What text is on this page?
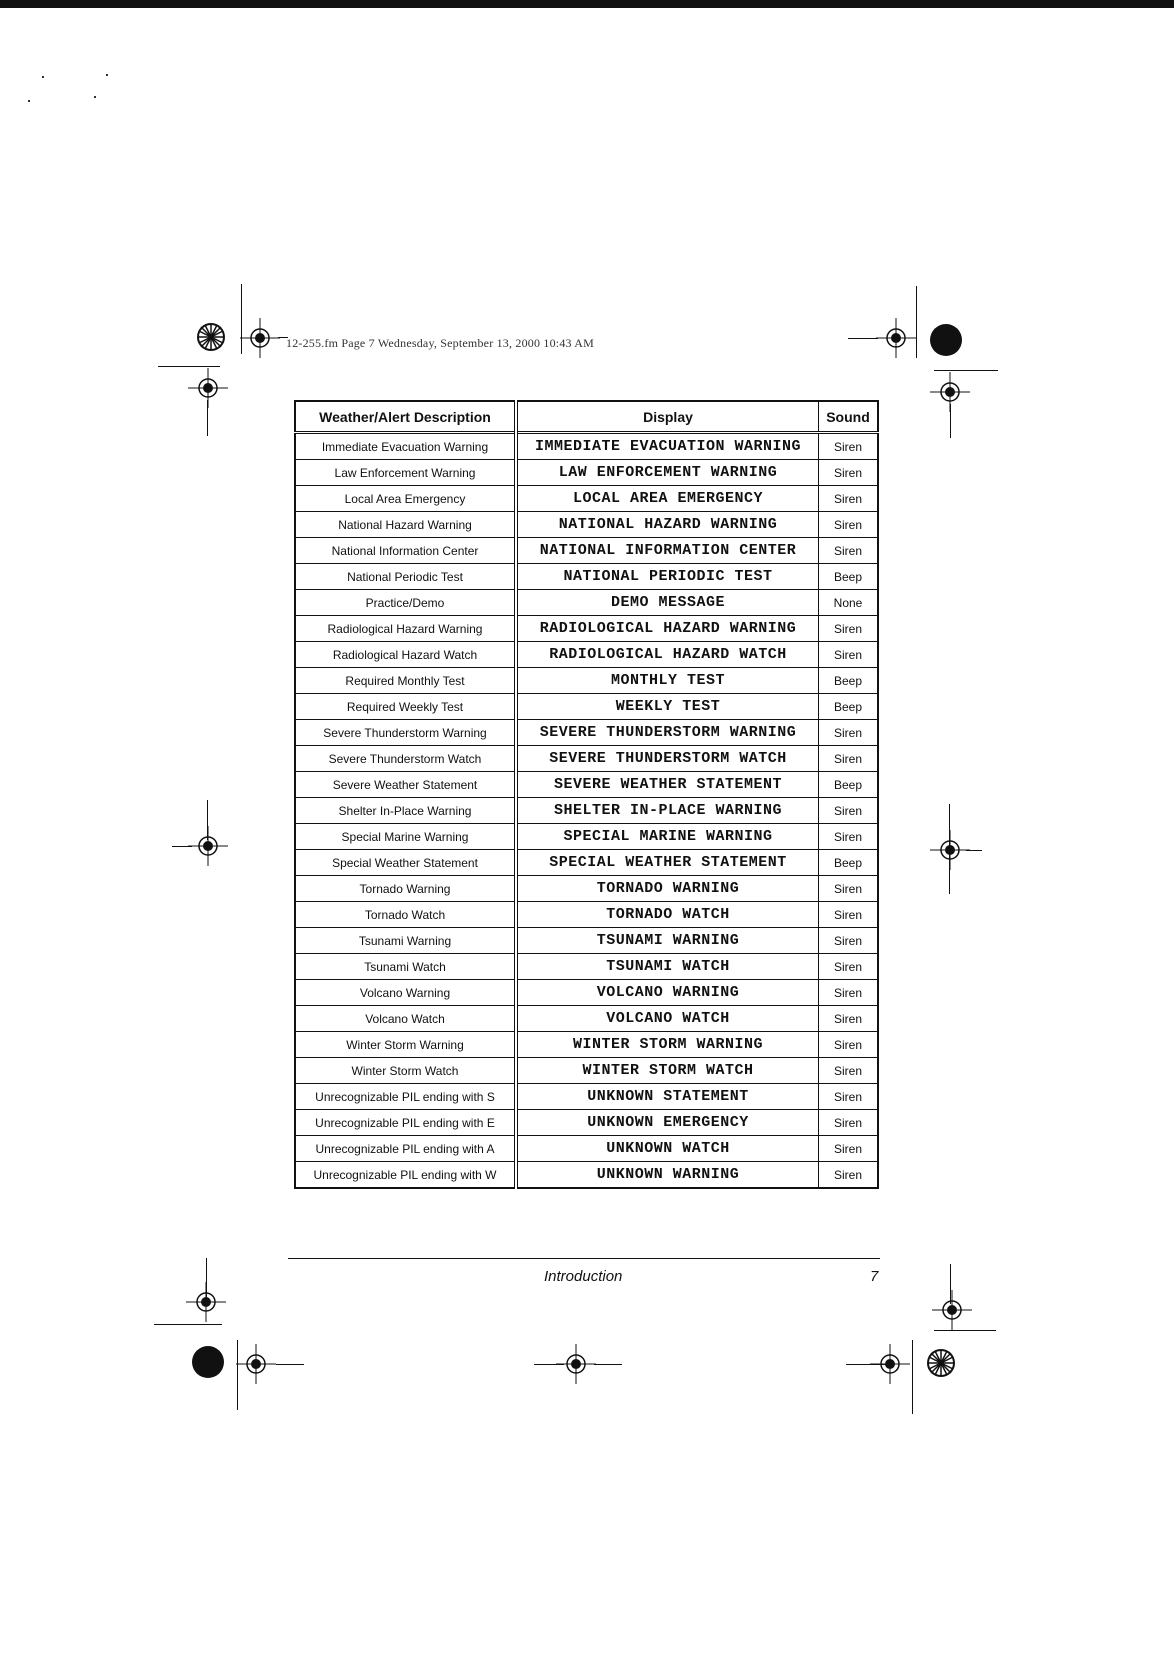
12-255.fm Page 7 Wednesday, September 13, 2000 10:43 AM
Weather/Alert Description	Display	Sound
Immediate Evacuation Warning	IMMEDIATE EVACUATION WARNING	Siren
Law Enforcement Warning	LAW ENFORCEMENT WARNING	Siren
Local Area Emergency	LOCAL AREA EMERGENCY	Siren
National Hazard Warning	NATIONAL HAZARD WARNING	Siren
National Information Center	NATIONAL INFORMATION CENTER	Siren
National Periodic Test	NATIONAL PERIODIC TEST	Beep
Practice/Demo	DEMO MESSAGE	None
Radiological Hazard Warning	RADIOLOGICAL HAZARD WARNING	Siren
Radiological Hazard Watch	RADIOLOGICAL HAZARD WATCH	Siren
Required Monthly Test	MONTHLY TEST	Beep
Required Weekly Test	WEEKLY TEST	Beep
Severe Thunderstorm Warning	SEVERE THUNDERSTORM WARNING	Siren
Severe Thunderstorm Watch	SEVERE THUNDERSTORM WATCH	Siren
Severe Weather Statement	SEVERE WEATHER STATEMENT	Beep
Shelter In-Place Warning	SHELTER IN-PLACE WARNING	Siren
Special Marine Warning	SPECIAL MARINE WARNING	Siren
Special Weather Statement	SPECIAL WEATHER STATEMENT	Beep
Tornado Warning	TORNADO WARNING	Siren
Tornado Watch	TORNADO WATCH	Siren
Tsunami Warning	TSUNAMI WARNING	Siren
Tsunami Watch	TSUNAMI WATCH	Siren
Volcano Warning	VOLCANO WARNING	Siren
Volcano Watch	VOLCANO WATCH	Siren
Winter Storm Warning	WINTER STORM WARNING	Siren
Winter Storm Watch	WINTER STORM WATCH	Siren
Unrecognizable PIL ending with S	UNKNOWN STATEMENT	Siren
Unrecognizable PIL ending with E	UNKNOWN EMERGENCY	Siren
Unrecognizable PIL ending with A	UNKNOWN WATCH	Siren
Unrecognizable PIL ending with W	UNKNOWN WARNING	Siren
Introduction	7
